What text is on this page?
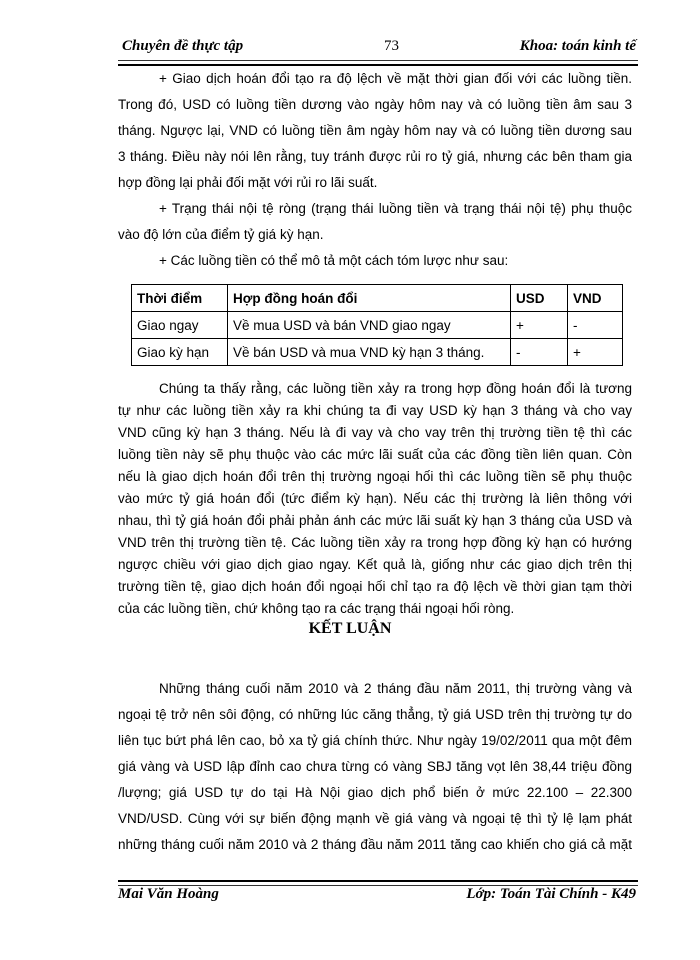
Chuyên đề thực tập	73	Khoa: toán kinh tế
+ Giao dịch hoán đổi tạo ra độ lệch về mặt thời gian đối với các luồng tiền.
Trong đó, USD có luồng tiền dương vào ngày hôm nay và có luồng tiền âm sau 3
tháng. Ngược lại, VND có luồng tiền âm ngày hôm nay và có luồng tiền dương sau
3 tháng. Điều này nói lên rằng, tuy tránh được rủi ro tỷ giá, nhưng các bên tham gia
hợp đồng lại phải đối mặt với rủi ro lãi suất.
+ Trạng thái nội tệ ròng (trạng thái luồng tiền và trạng thái nội tệ) phụ thuộc
vào độ lớn của điểm tỷ giá kỳ hạn.
+ Các luồng tiền có thể mô tả một cách tóm lược như sau:
Thời điểm	Hợp đồng hoán đổi	USD	VND
Giao ngay	Về mua USD và bán VND giao ngay	+	-
Giao kỳ hạn	Về bán USD và mua VND kỳ hạn 3 tháng.	-	+
Chúng ta thấy rằng, các luồng tiền xảy ra trong hợp đồng hoán đổi là tương
tự như các luồng tiền xảy ra khi chúng ta đi vay USD kỳ hạn 3 tháng và cho vay
VND cũng kỳ hạn 3 tháng. Nếu là đi vay và cho vay trên thị trường tiền tệ thì các
luồng tiền này sẽ phụ thuộc vào các mức lãi suất của các đồng tiền liên quan. Còn
nếu là giao dịch hoán đổi trên thị trường ngoại hối thì các luồng tiền sẽ phụ thuộc
vào mức tỷ giá hoán đổi (tức điểm kỳ hạn). Nếu các thị trường là liên thông với
nhau, thì tỷ giá hoán đổi phải phản ánh các mức lãi suất kỳ hạn 3 tháng của USD và
VND trên thị trường tiền tệ. Các luồng tiền xảy ra trong hợp đồng kỳ hạn có hướng
ngược chiều với giao dịch giao ngay. Kết quả là, giống như các giao dịch trên thị
trường tiền tệ, giao dịch hoán đổi ngoại hối chỉ tạo ra độ lệch về thời gian tạm thời
của các luồng tiền, chứ không tạo ra các trạng thái ngoại hối ròng.
KẾT LUẬN
Những tháng cuối năm 2010 và 2 tháng đầu năm 2011, thị trường vàng và
ngoại tệ trở nên sôi động, có những lúc căng thẳng, tỷ giá USD trên thị trường tự do
liên tục bứt phá lên cao, bỏ xa tỷ giá chính thức. Như ngày 19/02/2011 qua một đêm
giá vàng và USD lập đỉnh cao chưa từng có vàng SBJ tăng vọt lên 38,44 triệu đồng
/lượng; giá USD tự do tại Hà Nội giao dịch phổ biến ở mức 22.100 – 22.300
VND/USD. Cùng với sự biến động mạnh về giá vàng và ngoại tệ thì tỷ lệ lạm phát
những tháng cuối năm 2010 và 2 tháng đầu năm 2011 tăng cao khiến cho giá cả mặt
Mai Văn Hoàng	Lớp: Toán Tài Chính - K49
